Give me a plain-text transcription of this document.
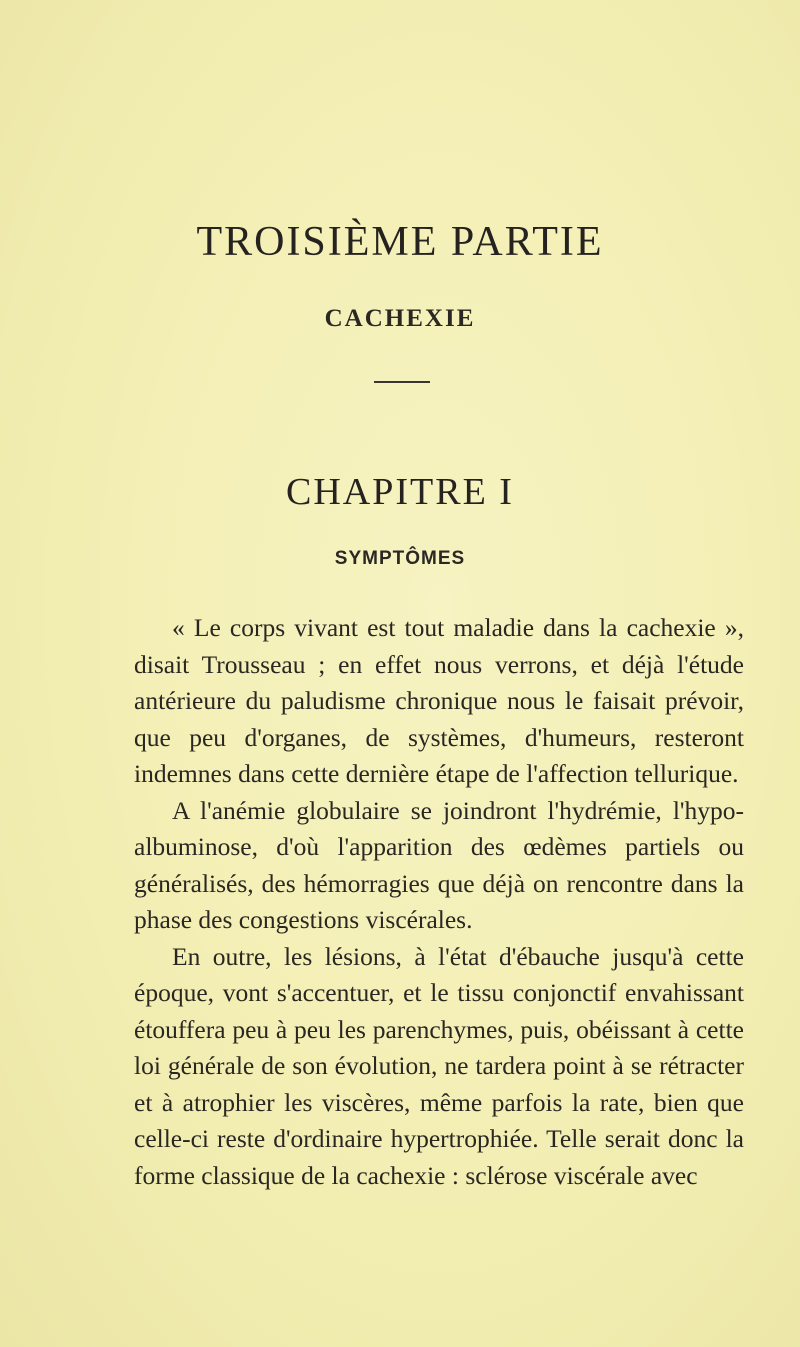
TROISIÈME PARTIE
CACHEXIE
CHAPITRE I
SYMPTÔMES

« Le corps vivant est tout maladie dans la cachexie », disait Trousseau ; en effet nous verrons, et déjà l'étude antérieure du paludisme chronique nous le faisait prévoir, que peu d'organes, de systèmes, d'humeurs, resteront indemnes dans cette dernière étape de l'affection tellurique.

A l'anémie globulaire se joindront l'hydrémie, l'hypo-albuminose, d'où l'apparition des œdèmes partiels ou généralisés, des hémorragies que déjà on rencontre dans la phase des congestions viscérales.

En outre, les lésions, à l'état d'ébauche jusqu'à cette époque, vont s'accentuer, et le tissu conjonctif envahissant étouffera peu à peu les parenchymes, puis, obéissant à cette loi générale de son évolution, ne tardera point à se rétracter et à atrophier les viscères, même parfois la rate, bien que celle-ci reste d'ordinaire hypertrophiée. Telle serait donc la forme classique de la cachexie : sclérose viscérale avec
